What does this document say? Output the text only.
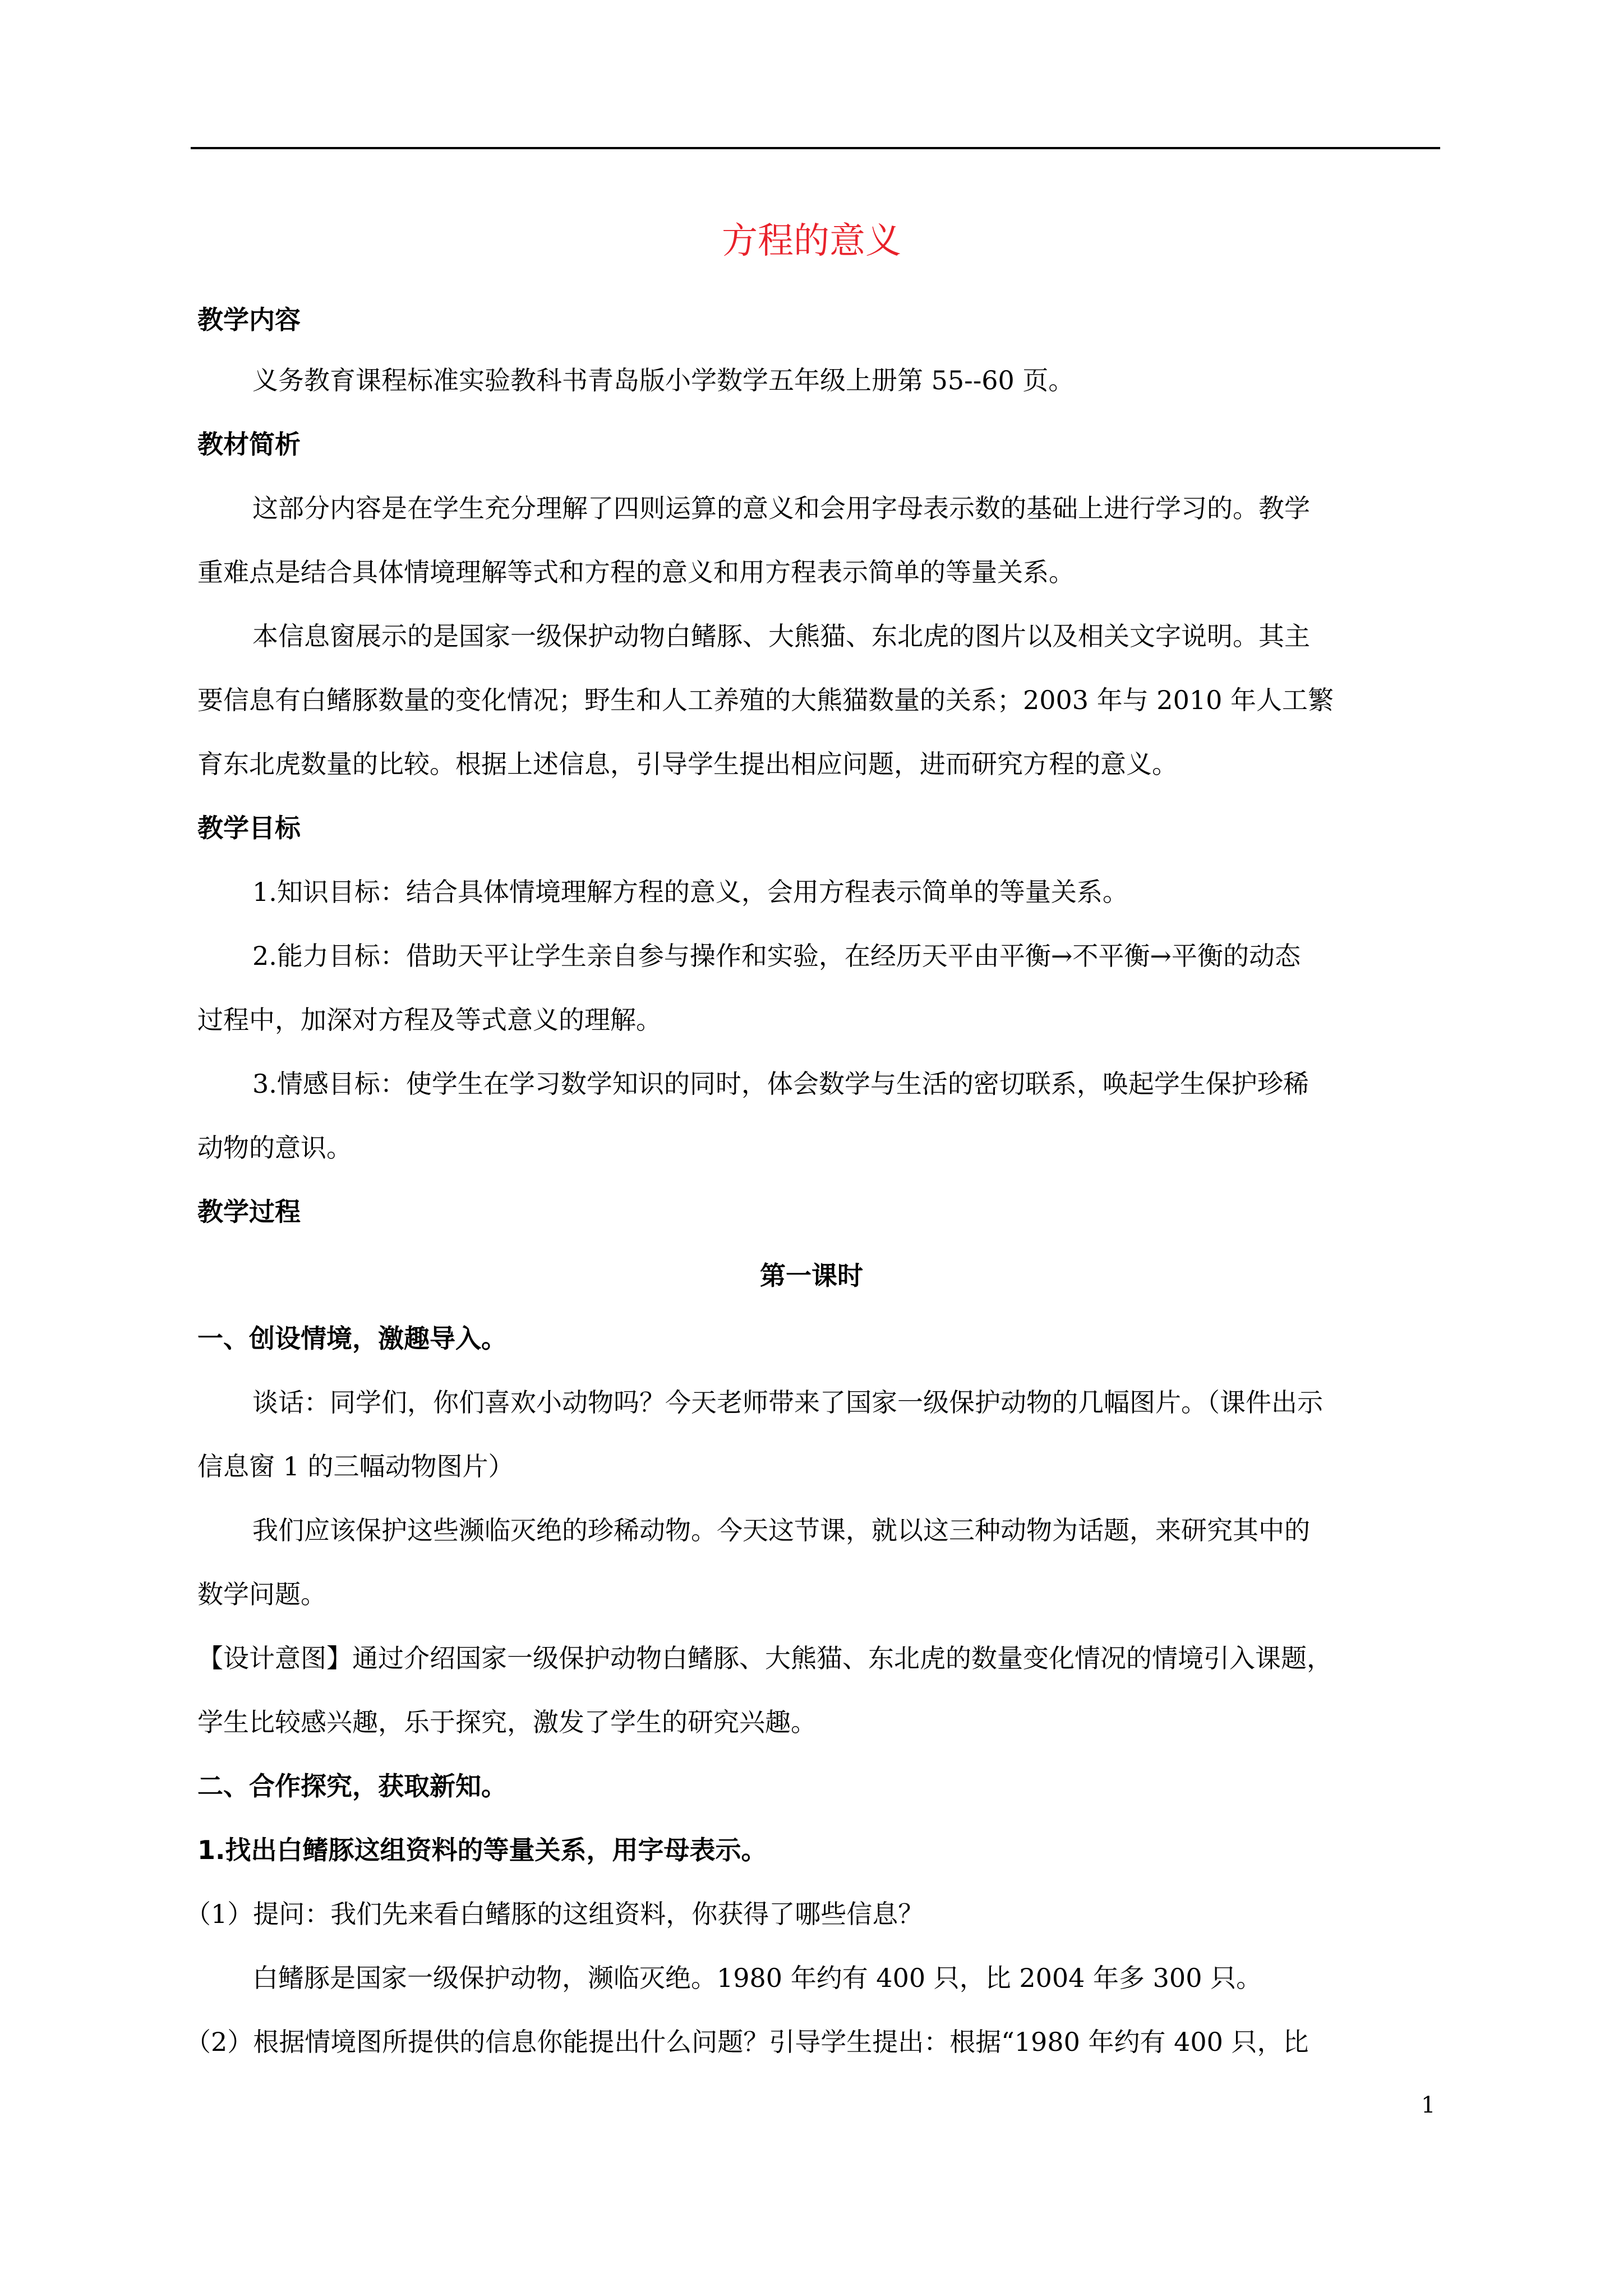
方程的意义
教学内容
义务教育课程标准实验教科书青岛版小学数学五年级上册第 55--60 页。
教材简析
这部分内容是在学生充分理解了四则运算的意义和会用字母表示数的基础上进行学习的。教学
重难点是结合具体情境理解等式和方程的意义和用方程表示简单的等量关系。
本信息窗展示的是国家一级保护动物白鳍豚、大熊猫、东北虎的图片以及相关文字说明。其主
要信息有白鳍豚数量的变化情况；野生和人工养殖的大熊猫数量的关系；2003 年与 2010 年人工繁
育东北虎数量的比较。根据上述信息，引导学生提出相应问题，进而研究方程的意义。
教学目标
1.知识目标：结合具体情境理解方程的意义，会用方程表示简单的等量关系。
2.能力目标：借助天平让学生亲自参与操作和实验，在经历天平由平衡→不平衡→平衡的动态
过程中，加深对方程及等式意义的理解。
3.情感目标：使学生在学习数学知识的同时，体会数学与生活的密切联系，唤起学生保护珍稀
动物的意识。
教学过程
第一课时
一、创设情境，激趣导入。
谈话：同学们，你们喜欢小动物吗？今天老师带来了国家一级保护动物的几幅图片。（课件出示
信息窗 1 的三幅动物图片）
我们应该保护这些濒临灭绝的珍稀动物。今天这节课，就以这三种动物为话题，来研究其中的
数学问题。
【设计意图】通过介绍国家一级保护动物白鳍豚、大熊猫、东北虎的数量变化情况的情境引入课题，
学生比较感兴趣，乐于探究，激发了学生的研究兴趣。
二、合作探究，获取新知。
1.找出白鳍豚这组资料的等量关系，用字母表示。
（1）提问：我们先来看白鳍豚的这组资料，你获得了哪些信息？
白鳍豚是国家一级保护动物，濒临灭绝。1980 年约有 400 只，比 2004 年多 300 只。
（2）根据情境图所提供的信息你能提出什么问题？引导学生提出：根据“1980 年约有 400 只，比
1
